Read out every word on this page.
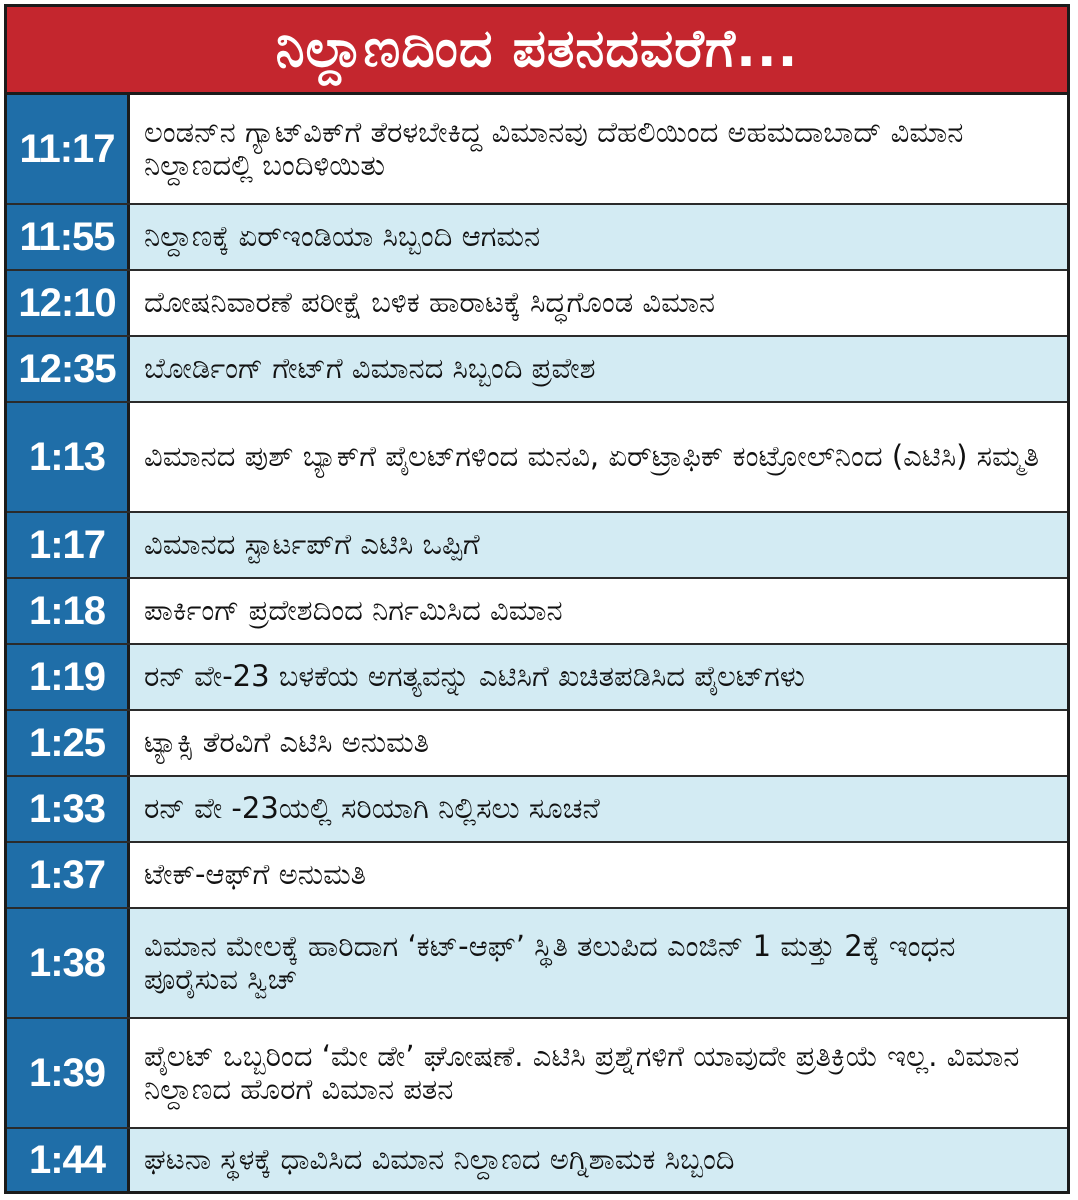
ನಿಲ್ದಾಣದಿಂದ ಪತನದವರೆಗೆ...
11:17	ಲಂಡನ್‌ನ ಗ್ಯಾಟ್‌ವಿಕ್‌ಗೆ ತೆರಳಬೇಕಿದ್ದ ವಿಮಾನವು ದೆಹಲಿಯಿಂದ ಅಹಮದಾಬಾದ್ ವಿಮಾನ ನಿಲ್ದಾಣದಲ್ಲಿ ಬಂದಿಳಿಯಿತು
11:55	ನಿಲ್ದಾಣಕ್ಕೆ ಏರ್‌ಇಂಡಿಯಾ ಸಿಬ್ಬಂದಿ ಆಗಮನ
12:10 ದೋಷನಿವಾರಣೆ ಪರೀಕ್ಷೆ ಬಳಿಕ ಹಾರಾಟಕ್ಕೆ ಸಿದ್ಧಗೊಂಡ ವಿಮಾನ
12:35 ಬೋರ್ಡಿಂಗ್ ಗೇಟ್‌ಗೆ ವಿಮಾನದ ಸಿಬ್ಬಂದಿ ಪ್ರವೇಶ
1:13	ವಿಮಾನದ ಪುಶ್ ಬ್ಯಾಕ್‌ಗೆ ಪೈಲಟ್‌ಗಳಿಂದ ಮನವಿ, ಏರ್‌ಟ್ರಾಫಿಕ್ ಕಂಟ್ರೋಲ್‌ನಿಂದ (ಎಟಿಸಿ) ಸಮ್ಮತಿ
1:17	ವಿಮಾನದ ಸ್ಟಾರ್ಟಪ್‌ಗೆ ಎಟಿಸಿ ಒಪ್ಪಿಗೆ
1:18	ಪಾರ್ಕಿಂಗ್ ಪ್ರದೇಶದಿಂದ ನಿರ್ಗಮಿಸಿದ ವಿಮಾನ
1:19	ರನ್ ವೇ-23 ಬಳಕೆಯ ಅಗತ್ಯವನ್ನು ಎಟಿಸಿಗೆ ಖಚಿತಪಡಿಸಿದ ಪೈಲಟ್‌ಗಳು
1:25	ಟ್ಯಾಕ್ಸಿ ತೆರವಿಗೆ ಎಟಿಸಿ ಅನುಮತಿ
1:33	ರನ್ ವೇ -23ಯಲ್ಲಿ ಸರಿಯಾಗಿ ನಿಲ್ಲಿಸಲು ಸೂಚನೆ
1:37	ಟೇಕ್-ಆಫ್‌ಗೆ ಅನುಮತಿ
1:38	ವಿಮಾನ ಮೇಲಕ್ಕೆ ಹಾರಿದಾಗ ‘ಕಟ್-ಆಫ್’ ಸ್ಥಿತಿ ತಲುಪಿದ ಎಂಜಿನ್ 1 ಮತ್ತು 2ಕ್ಕೆ ಇಂಧನ ಪೂರೈಸುವ ಸ್ವಿಚ್
1:39	ಪೈಲಟ್ ಒಬ್ಬರಿಂದ ‘ಮೇ ಡೇ’ ಘೋಷಣೆ. ಎಟಿಸಿ ಪ್ರಶ್ನೆಗಳಿಗೆ ಯಾವುದೇ ಪ್ರತಿಕ್ರಿಯೆ ಇಲ್ಲ. ವಿಮಾನ ನಿಲ್ದಾಣದ ಹೊರಗೆ ವಿಮಾನ ಪತನ
1:44	ಘಟನಾ ಸ್ಥಳಕ್ಕೆ ಧಾವಿಸಿದ ವಿಮಾನ ನಿಲ್ದಾಣದ ಅಗ್ನಿಶಾಮಕ ಸಿಬ್ಬಂದಿ
